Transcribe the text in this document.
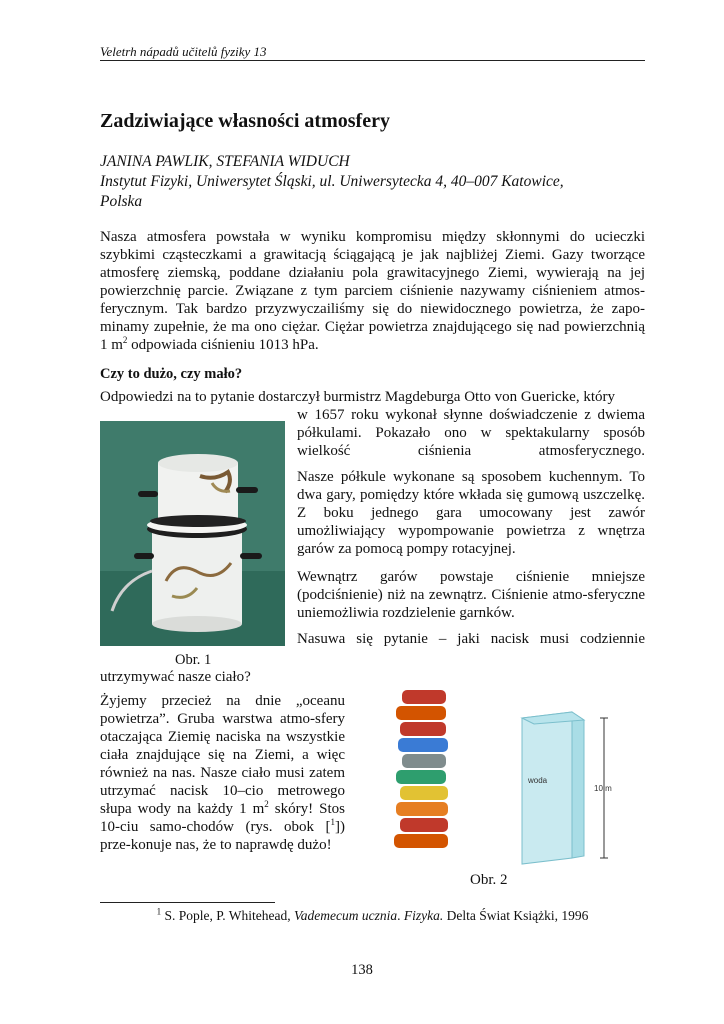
Veletrh nápadů učitelů fyziky 13
Zadziwiające własności atmosfery
JANINA PAWLIK, STEFANIA WIDUCH
Instytut Fizyki, Uniwersytet Śląski, ul. Uniwersytecka 4, 40–007 Katowice,
Polska

Nasza atmosfera powstała w wyniku kompromisu między skłonnymi do ucieczki szybkimi cząsteczkami a grawitacją ściągającą je jak najbliżej Ziemi. Gazy tworzące atmosferę ziemską, poddane działaniu pola grawitacyjnego Ziemi, wywierają na jej powierzchnię parcie. Związane z tym parciem ciśnienie nazywamy ciśnieniem atmos-ferycznym. Tak bardzo przyzwyczailiśmy się do niewidocznego powietrza, że zapo-minamy zupełnie, że ma ono ciężar. Ciężar powietrza znajdującego się nad powierzchnią 1 $m^2$ odpowiada ciśnieniu 1013 hPa.

Czy to dużo, czy mało?

Odpowiedzi na to pytanie dostarczył burmistrz Magdeburga Otto von Guericke, który

w 1657 roku wykonał słynne doświadczenie z dwiema półkulami. Pokazało ono w spektakularny sposób wielkość ciśnienia atmosferycznego.

Nasze półkule wykonane są sposobem kuchennym. To dwa gary, pomiędzy które wkłada się gumową uszczelkę. Z boku jednego gara umocowany jest zawór umożliwiający wypompowanie powietrza z wnętrza garów za pomocą pompy rotacyjnej.

Wewnątrz garów powstaje ciśnienie mniejsze (podciśnienie) niż na zewnątrz. Ciśnienie atmo-sferyczne uniemożliwia rozdzielenie garnków.

Nasuwa się pytanie – jaki nacisk musi codziennie

Obr. 1

utrzymywać nasze ciało?

Żyjemy przecież na dnie „oceanu powietrza”. Gruba warstwa atmo-sfery otaczająca Ziemię naciska na wszystkie ciała znajdujące się na Ziemi, a więc również na nas. Nasze ciało musi zatem utrzymać nacisk 10–cio metrowego słupa wody na każdy 1 $m^2$ skóry! Stos 10-ciu samo-chodów (rys. obok [$^1$]) prze-konuje nas, że to naprawdę dużo!

woda
10 m
Obr. 2
$^1$ S. Pople, P. Whitehead, Vademecum ucznia. Fizyka. Delta Świat Książki, 1996
138
